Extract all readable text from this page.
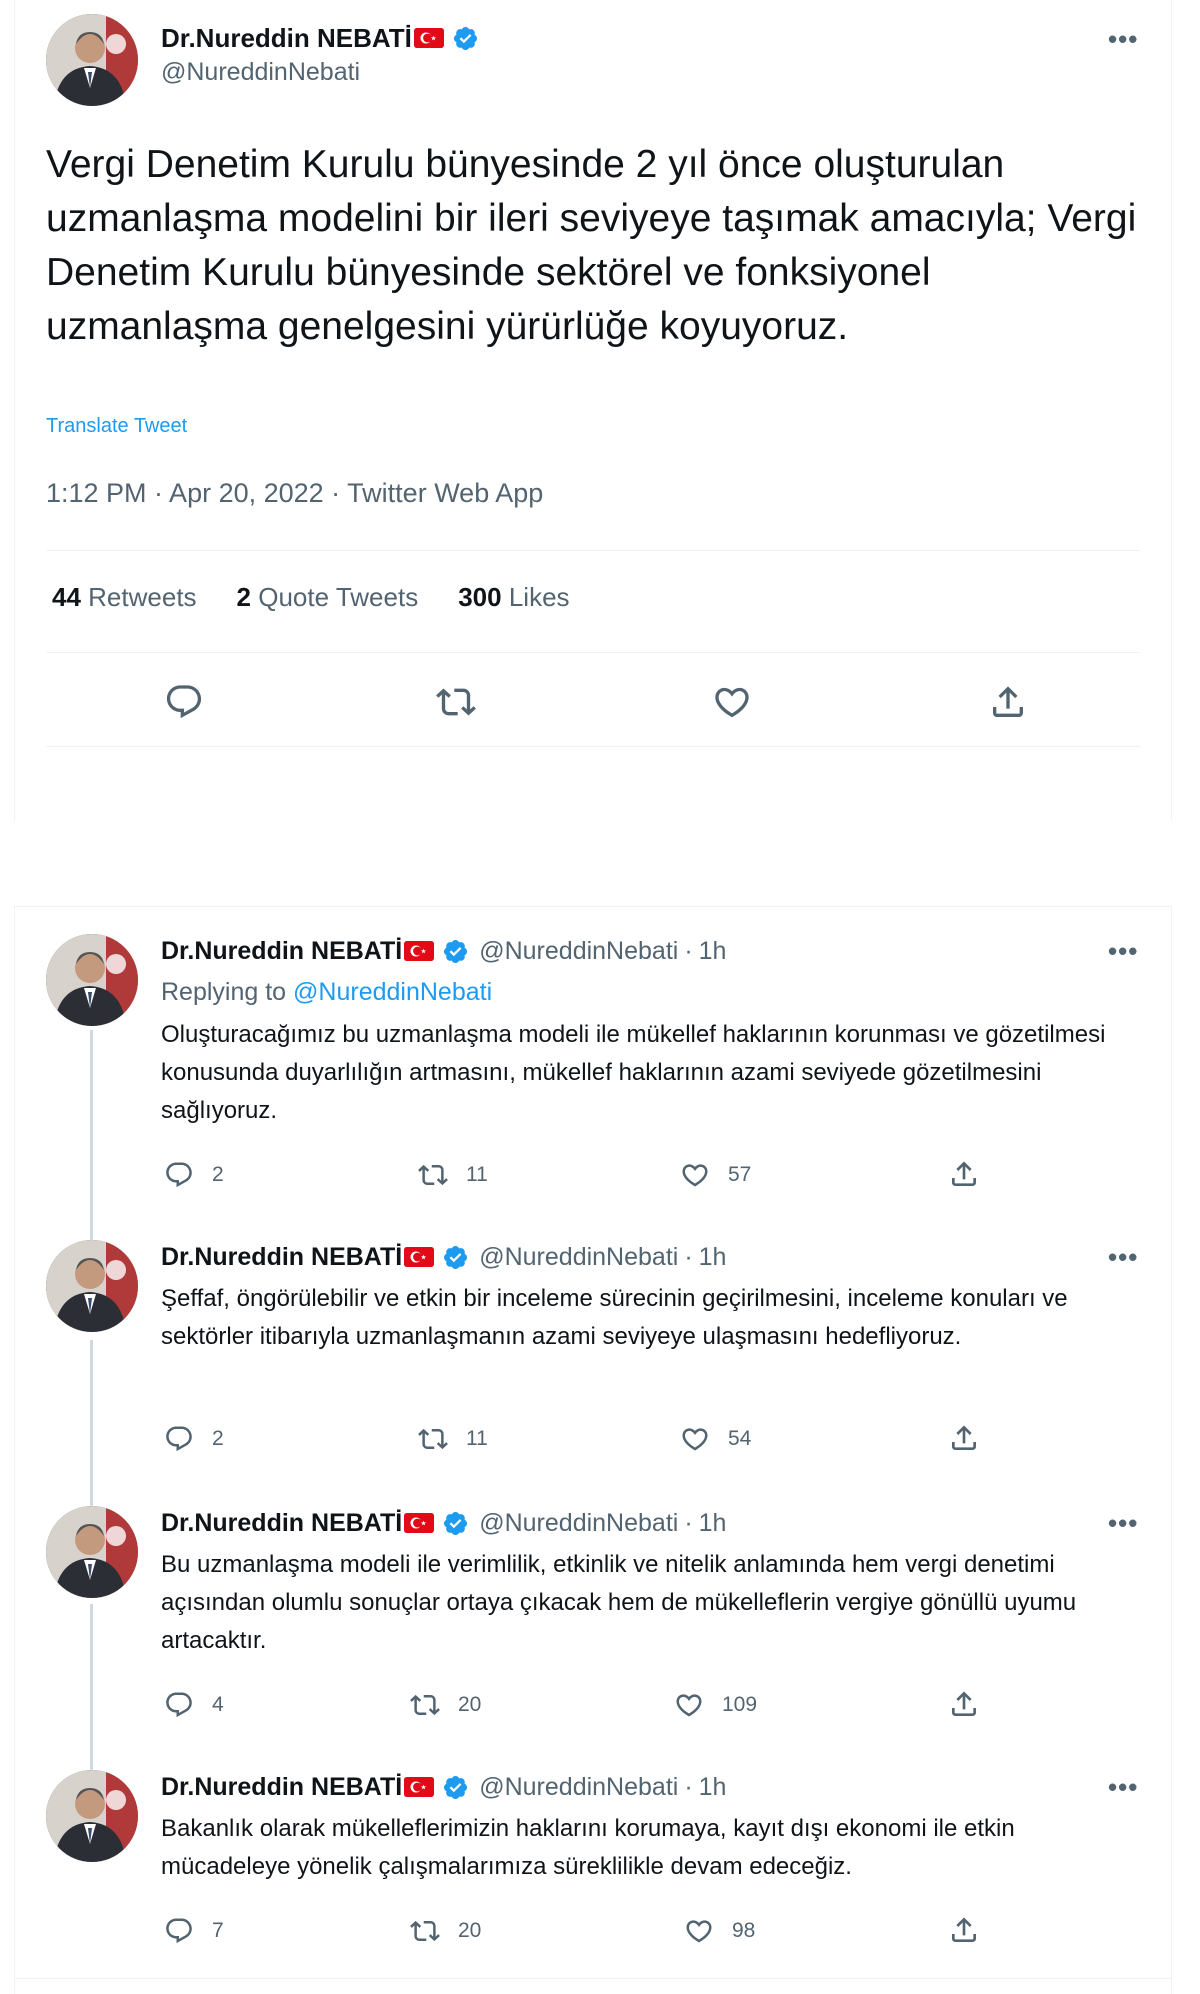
Dr.Nureddin NEBATİ
@NureddinNebati
•••
Vergi Denetim Kurulu bünyesinde 2 yıl önce oluşturulan uzmanlaşma modelini bir ileri seviyeye taşımak amacıyla; Vergi Denetim Kurulu bünyesinde sektörel ve fonksiyonel uzmanlaşma genelgesini yürürlüğe koyuyoruz.
Translate Tweet
1:12 PM · Apr 20, 2022 · Twitter Web App
44 Retweets 2 Quote Tweets 300 Likes
Dr.Nureddin NEBATİ	@NureddinNebati · 1h	•••
Replying to @NureddinNebati
Oluşturacağımız bu uzmanlaşma modeli ile mükellef haklarının korunması ve gözetilmesi konusunda duyarlılığın artmasını, mükellef haklarının azami seviyede gözetilmesini sağlıyoruz.
2	11	57
Dr.Nureddin NEBATİ	@NureddinNebati · 1h	•••
Şeffaf, öngörülebilir ve etkin bir inceleme sürecinin geçirilmesini, inceleme konuları ve sektörler itibarıyla uzmanlaşmanın azami seviyeye ulaşmasını hedefliyoruz.
2	11	54
Dr.Nureddin NEBATİ	@NureddinNebati · 1h	•••
Bu uzmanlaşma modeli ile verimlilik, etkinlik ve nitelik anlamında hem vergi denetimi açısından olumlu sonuçlar ortaya çıkacak hem de mükelleflerin vergiye gönüllü uyumu artacaktır.
4	20	109
Dr.Nureddin NEBATİ	@NureddinNebati · 1h	•••
Bakanlık olarak mükelleflerimizin haklarını korumaya, kayıt dışı ekonomi ile etkin mücadeleye yönelik çalışmalarımıza süreklilikle devam edeceğiz.
7	20	98
